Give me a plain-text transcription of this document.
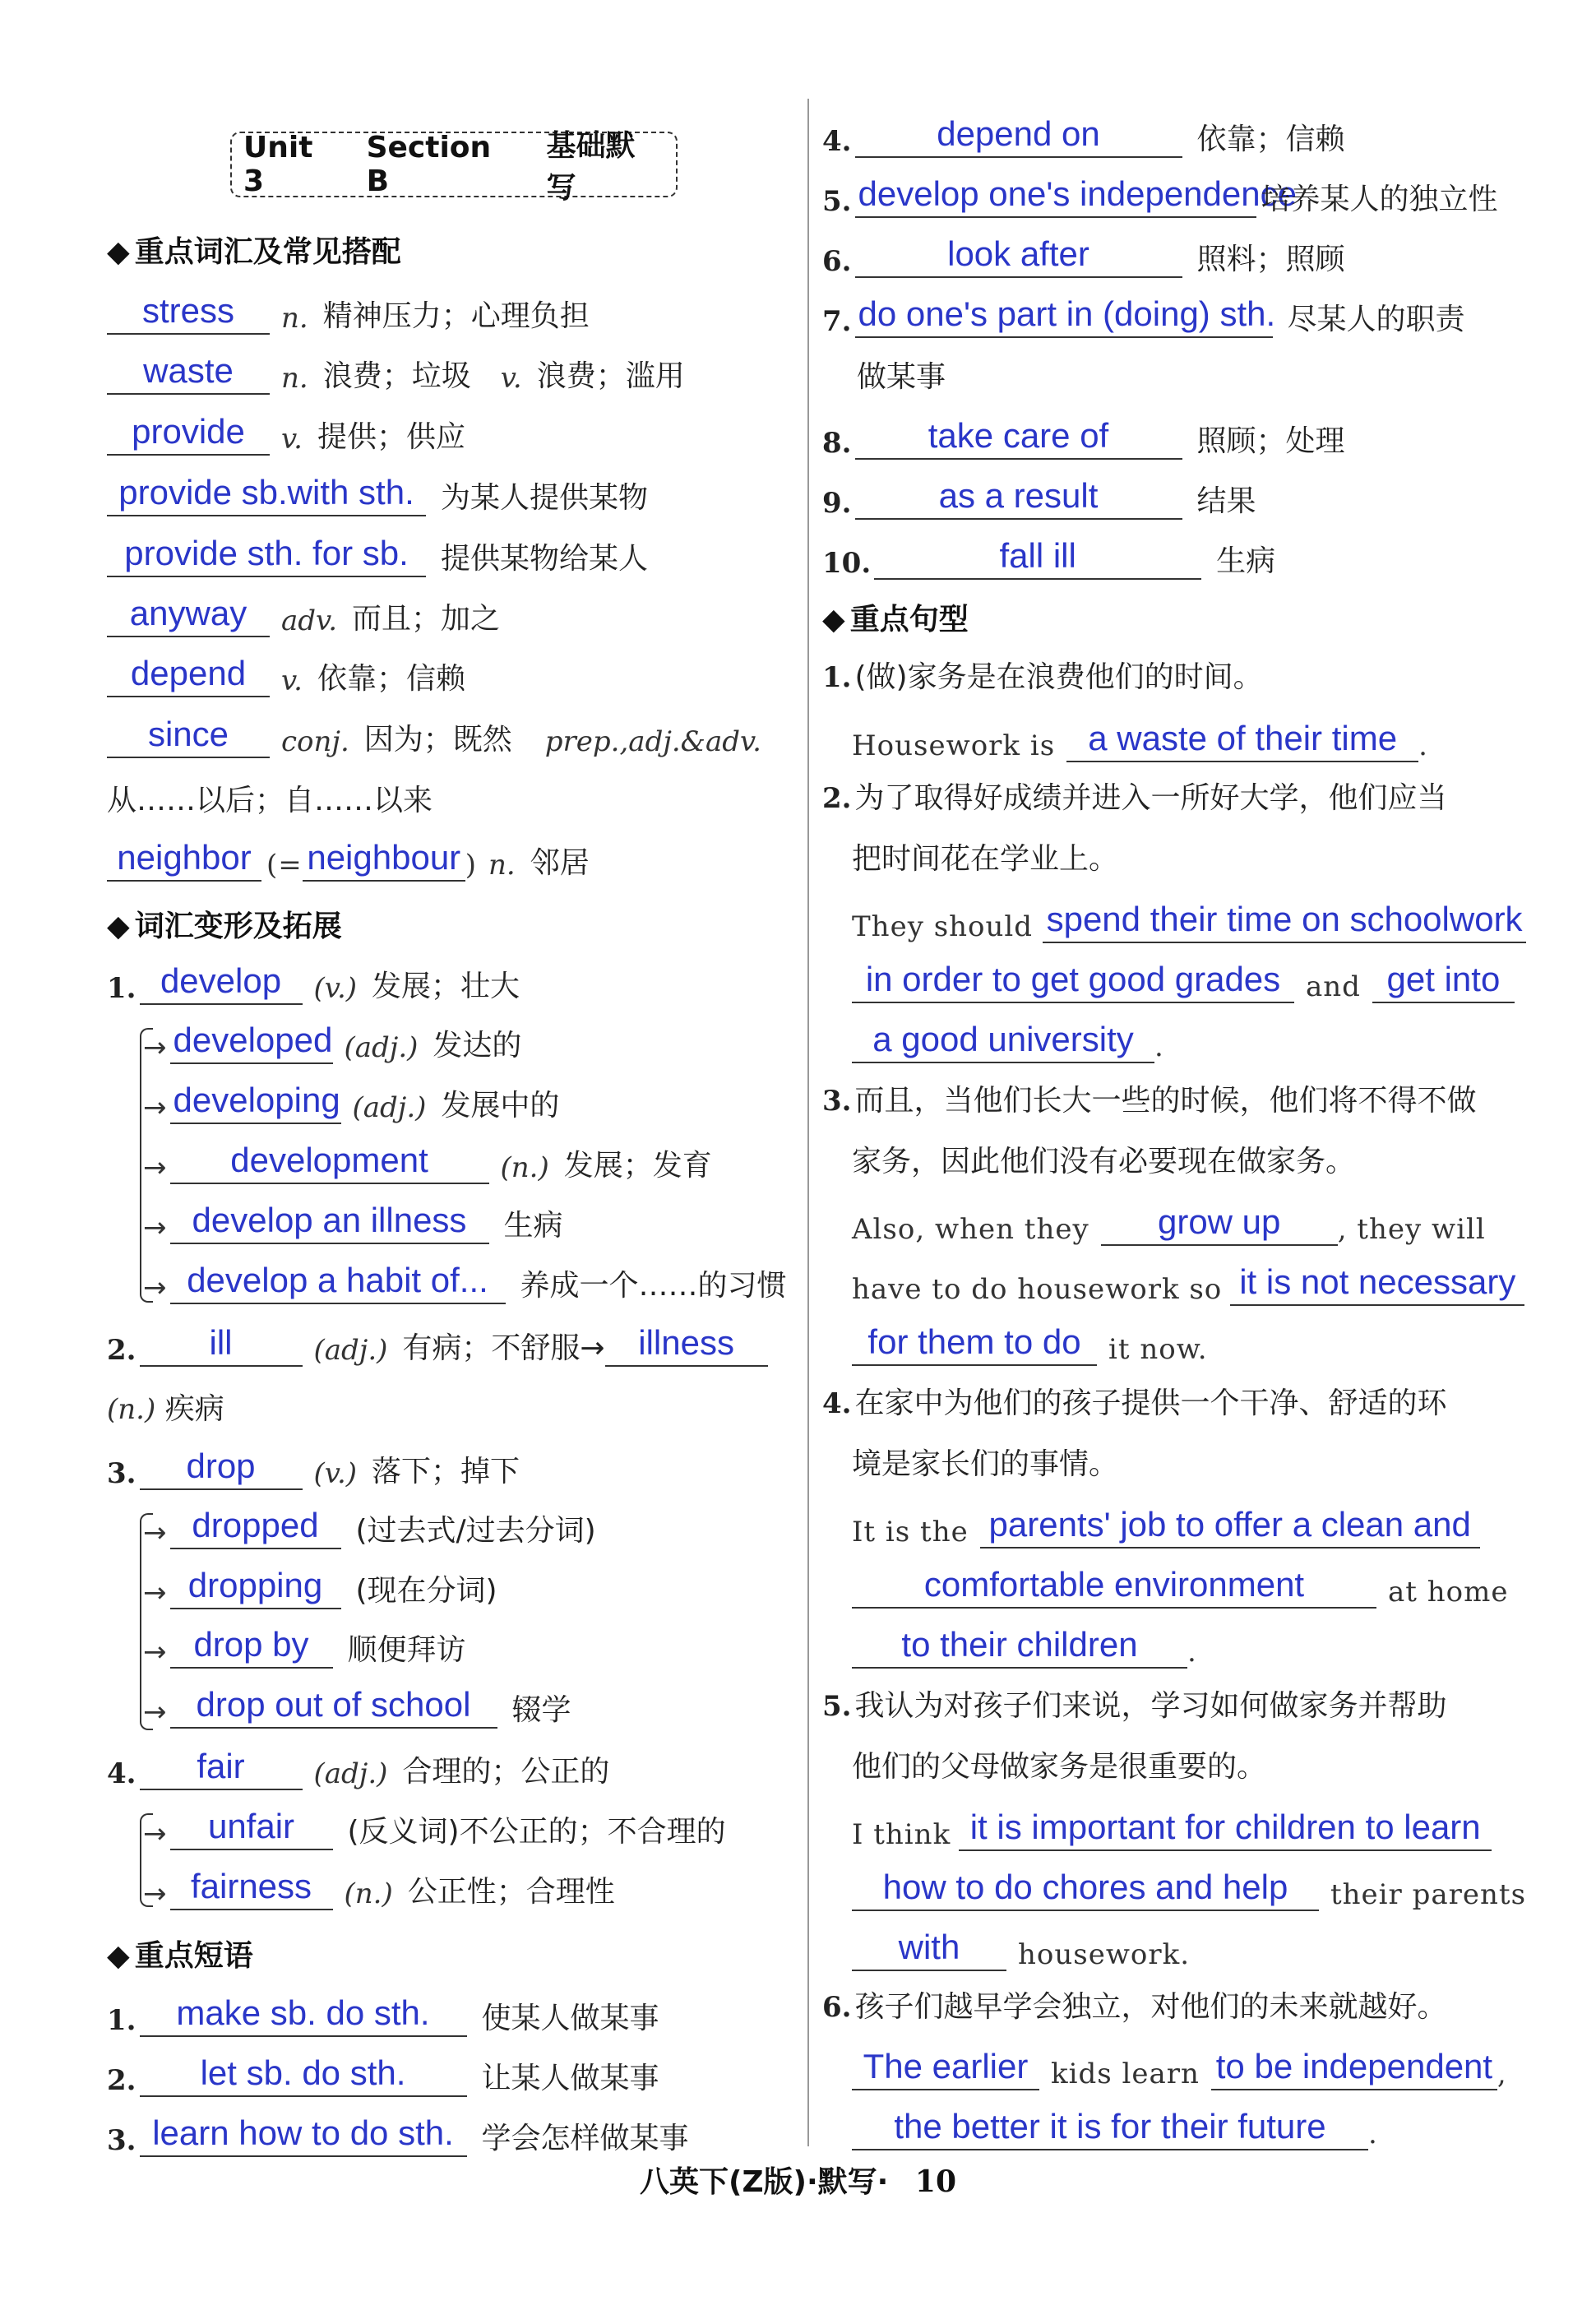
Unit 3
Section B
基础默写
◆ 重点词汇及常见搭配
stress	n. 精神压力；心理负担
waste	n. 浪费；垃圾 v. 浪费；滥用
provide	v. 提供；供应
provide sb.with sth. 为某人提供某物
provide sth. for sb.	提供某物给某人
anyway	adv. 而且；加之
depend	v. 依靠；信赖
since	conj. 因为；既然 prep.,adj.&adv.
从……以后；自……以来
neighbor (= neighbour ) n. 邻居
◆ 词汇变形及拓展
1. develop	(v.) 发展；壮大
→ developed (adj.) 发达的
→ developing (adj.) 发展中的
→	development	(n.) 发展；发育
→ develop an illness	生病
→ develop a habit of...	养成一个……的习惯
2.	ill	(adj.) 有病；不舒服→ illness
(n.) 疾病
3.	drop	(v.) 落下；掉下
→ dropped	(过去式/过去分词)
→ dropping	(现在分词)
→ drop by	顺便拜访
→ drop out of school	辍学
4.	fair	(adj.) 合理的；公正的
→	unfair	(反义词)不公正的；不合理的
→ fairness	(n.) 公正性；合理性
◆ 重点短语
1.	make sb. do sth.	使某人做某事
2.	let sb. do sth.	让某人做某事
3. learn how to do sth. 学会怎样做某事
4.	depend on	依靠；信赖
5. develop one's independence
培养某人的独立性
6.	look after	照料；照顾
7. do one's part in (doing) sth. 尽某人的职责
做某事
8.	take care of	照顾；处理
9.	as a result	结果
10.	fall ill	生病
◆ 重点句型
1. (做)家务是在浪费他们的时间。
Housework is a waste of their time .
2. 为了取得好成绩并进入一所好大学，他们应当
把时间花在学业上。
They should spend their time on schoolwork
in order to get good grades and get into
a good university .
3. 而且，当他们长大一些的时候，他们将不得不做
家务，因此他们没有必要现在做家务。
Also, when they	grow up	, they will
have to do housework so it is not necessary
for them to do it now.
4. 在家中为他们的孩子提供一个干净、舒适的环
境是家长们的事情。
It is the parents' job to offer a clean and
comfortable environment	at home
to their children	.
5. 我认为对孩子们来说，学习如何做家务并帮助
他们的父母做家务是很重要的。
I think it is important for children to learn
how to do chores and help	their parents
with	housework.
6. 孩子们越早学会独立，对他们的未来就越好。
The earlier kids learn to be independent ,
the better it is for their future	.
八英下(Z版)·默写· 10
